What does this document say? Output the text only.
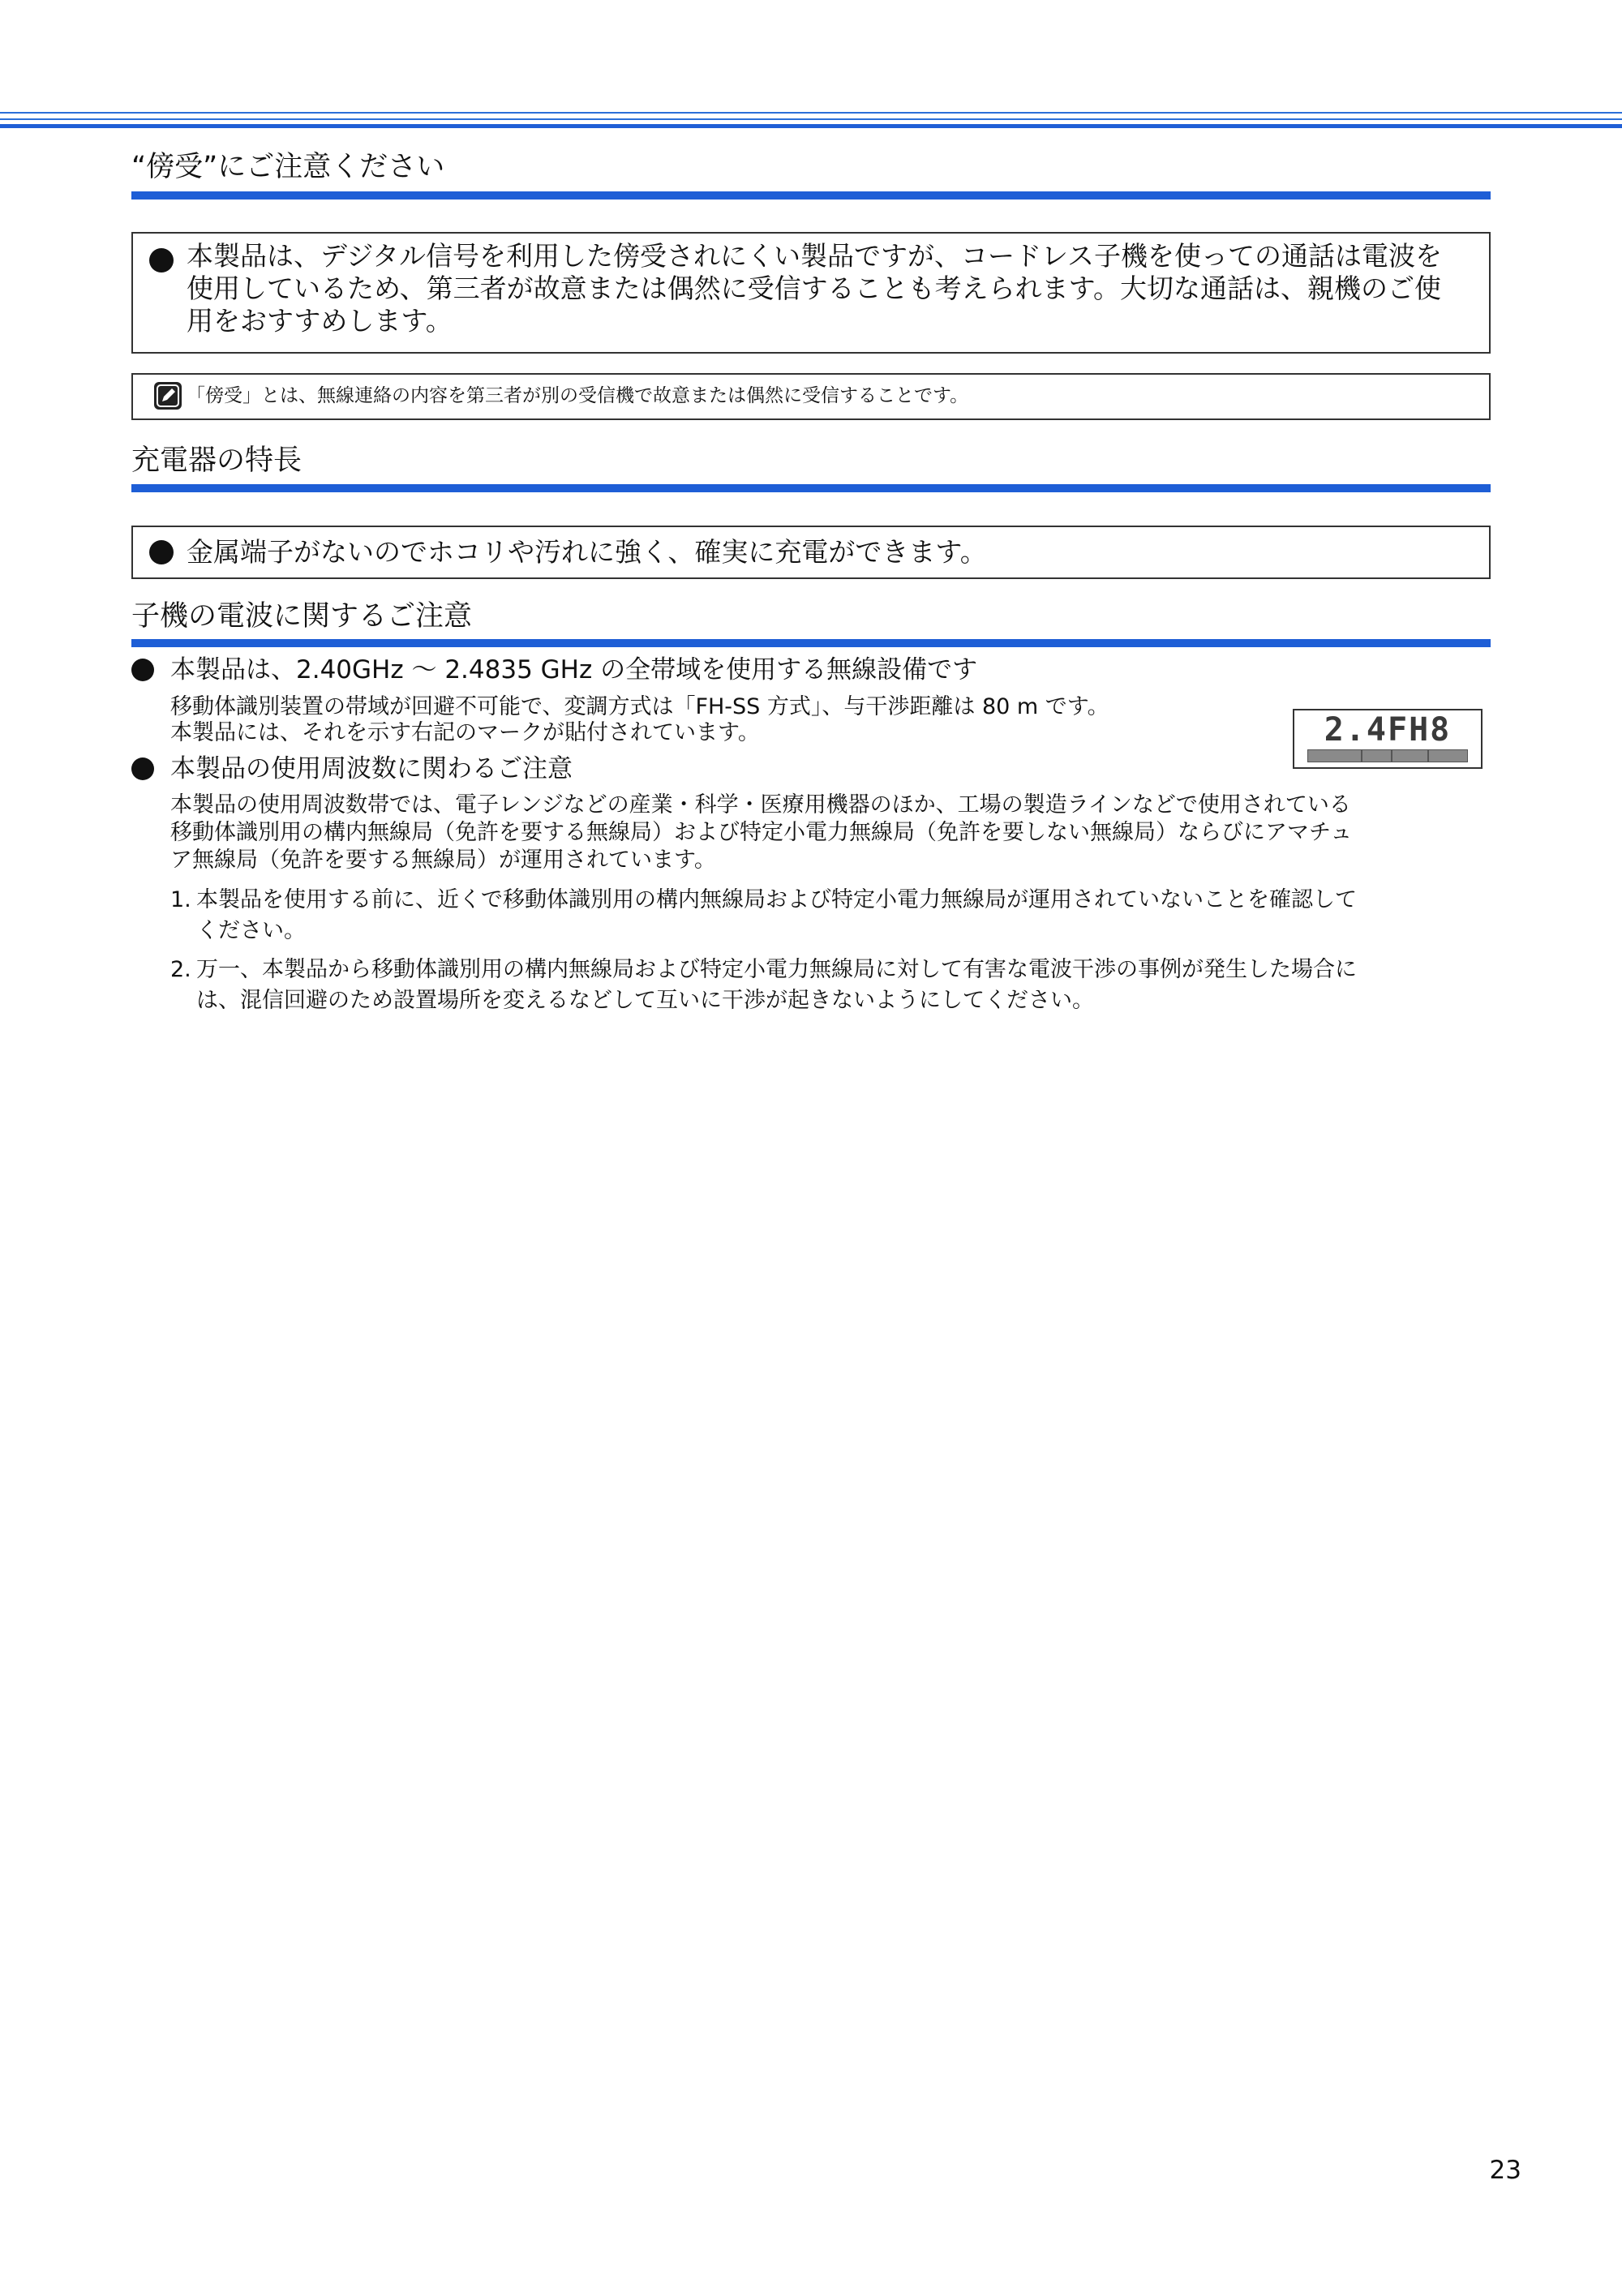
“傍受”にご注意ください
本製品は、デジタル信号を利用した傍受されにくい製品ですが、コードレス子機を使っての通話は電波を
使用しているため、第三者が故意または偶然に受信することも考えられます。大切な通話は、親機のご使
用をおすすめします。
「傍受」とは、無線連絡の内容を第三者が別の受信機で故意または偶然に受信することです。
充電器の特長
金属端子がないのでホコリや汚れに強く、確実に充電ができます。
子機の電波に関するご注意
本製品は、2.40GHz ～ 2.4835 GHz の全帯域を使用する無線設備です
移動体識別装置の帯域が回避不可能で、変調方式は「FH-SS 方式」、与干渉距離は 80 m です。
本製品には、それを示す右記のマークが貼付されています。	2.4FH8
本製品の使用周波数に関わるご注意
本製品の使用周波数帯では、電子レンジなどの産業・科学・医療用機器のほか、工場の製造ラインなどで使用されている
移動体識別用の構内無線局（免許を要する無線局）および特定小電力無線局（免許を要しない無線局）ならびにアマチュ
ア無線局（免許を要する無線局）が運用されています。
1. 本製品を使用する前に、近くで移動体識別用の構内無線局および特定小電力無線局が運用されていないことを確認して
ください。
2. 万一、本製品から移動体識別用の構内無線局および特定小電力無線局に対して有害な電波干渉の事例が発生した場合に
は、混信回避のため設置場所を変えるなどして互いに干渉が起きないようにしてください。
23
